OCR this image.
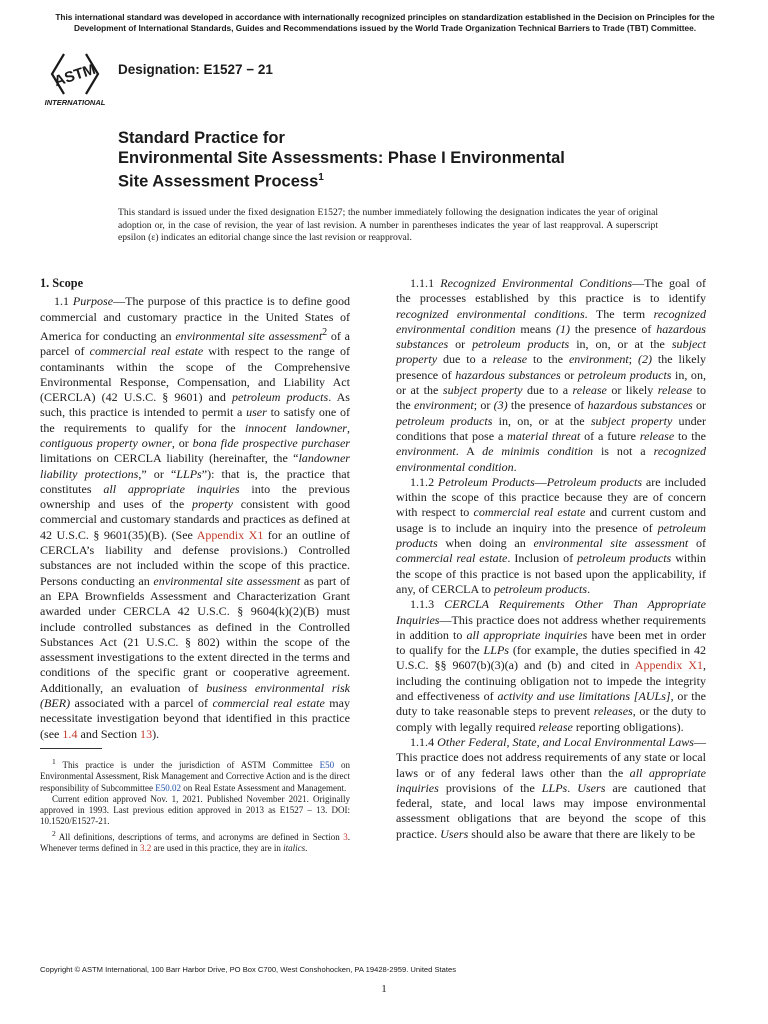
This international standard was developed in accordance with internationally recognized principles on standardization established in the Decision on Principles for the Development of International Standards, Guides and Recommendations issued by the World Trade Organization Technical Barriers to Trade (TBT) Committee.
ASTM
INTERNATIONAL
Designation: E1527 − 21
Standard Practice for
Environmental Site Assessments: Phase I Environmental
Site Assessment Process$^1$
This standard is issued under the fixed designation E1527; the number immediately following the designation indicates the year of original adoption or, in the case of revision, the year of last revision. A number in parentheses indicates the year of last reapproval. A superscript epsilon (ε) indicates an editorial change since the last revision or reapproval.

1. Scope

1.1 Purpose—The purpose of this practice is to define good commercial and customary practice in the United States of America for conducting an environmental site assessment$^2$ of a parcel of commercial real estate with respect to the range of contaminants within the scope of the Comprehensive Environmental Response, Compensation, and Liability Act (CERCLA) (42 U.S.C. § 9601) and petroleum products. As such, this practice is intended to permit a user to satisfy one of the requirements to qualify for the innocent landowner, contiguous property owner, or bona fide prospective purchaser limitations on CERCLA liability (hereinafter, the “landowner liability protections,” or “LLPs”): that is, the practice that constitutes all appropriate inquiries into the previous ownership and uses of the property consistent with good commercial and customary standards and practices as defined at 42 U.S.C. § 9601(35)(B). (See Appendix X1 for an outline of CERCLA’s liability and defense provisions.) Controlled substances are not included within the scope of this practice. Persons conducting an environmental site assessment as part of an EPA Brownfields Assessment and Characterization Grant awarded under CERCLA 42 U.S.C. § 9604(k)(2)(B) must include controlled substances as defined in the Controlled Substances Act (21 U.S.C. § 802) within the scope of the assessment investigations to the extent directed in the terms and conditions of the specific grant or cooperative agreement. Additionally, an evaluation of business environmental risk (BER) associated with a parcel of commercial real estate may necessitate investigation beyond that identified in this practice (see 1.4 and Section 13).

$^1$ This practice is under the jurisdiction of ASTM Committee E50 on Environmental Assessment, Risk Management and Corrective Action and is the direct responsibility of Subcommittee E50.02 on Real Estate Assessment and Management.

Current edition approved Nov. 1, 2021. Published November 2021. Originally approved in 1993. Last previous edition approved in 2013 as E1527 – 13. DOI: 10.1520/E1527-21.

$^2$ All definitions, descriptions of terms, and acronyms are defined in Section 3. Whenever terms defined in 3.2 are used in this practice, they are in italics.

1.1.1 Recognized Environmental Conditions—The goal of the processes established by this practice is to identify recognized environmental conditions. The term recognized environmental condition means (1) the presence of hazardous substances or petroleum products in, on, or at the subject property due to a release to the environment; (2) the likely presence of hazardous substances or petroleum products in, on, or at the subject property due to a release or likely release to the environment; or (3) the presence of hazardous substances or petroleum products in, on, or at the subject property under conditions that pose a material threat of a future release to the environment. A de minimis condition is not a recognized environmental condition.

1.1.2 Petroleum Products—Petroleum products are included within the scope of this practice because they are of concern with respect to commercial real estate and current custom and usage is to include an inquiry into the presence of petroleum products when doing an environmental site assessment of commercial real estate. Inclusion of petroleum products within the scope of this practice is not based upon the applicability, if any, of CERCLA to petroleum products.

1.1.3 CERCLA Requirements Other Than Appropriate Inquiries—This practice does not address whether requirements in addition to all appropriate inquiries have been met in order to qualify for the LLPs (for example, the duties specified in 42 U.S.C. §§ 9607(b)(3)(a) and (b) and cited in Appendix X1, including the continuing obligation not to impede the integrity and effectiveness of activity and use limitations [AULs], or the duty to take reasonable steps to prevent releases, or the duty to comply with legally required release reporting obligations).

1.1.4 Other Federal, State, and Local Environmental Laws—This practice does not address requirements of any state or local laws or of any federal laws other than the all appropriate inquiries provisions of the LLPs. Users are cautioned that federal, state, and local laws may impose environmental assessment obligations that are beyond the scope of this practice. Users should also be aware that there are likely to be

Copyright © ASTM International, 100 Barr Harbor Drive, PO Box C700, West Conshohocken, PA 19428-2959. United States
1
